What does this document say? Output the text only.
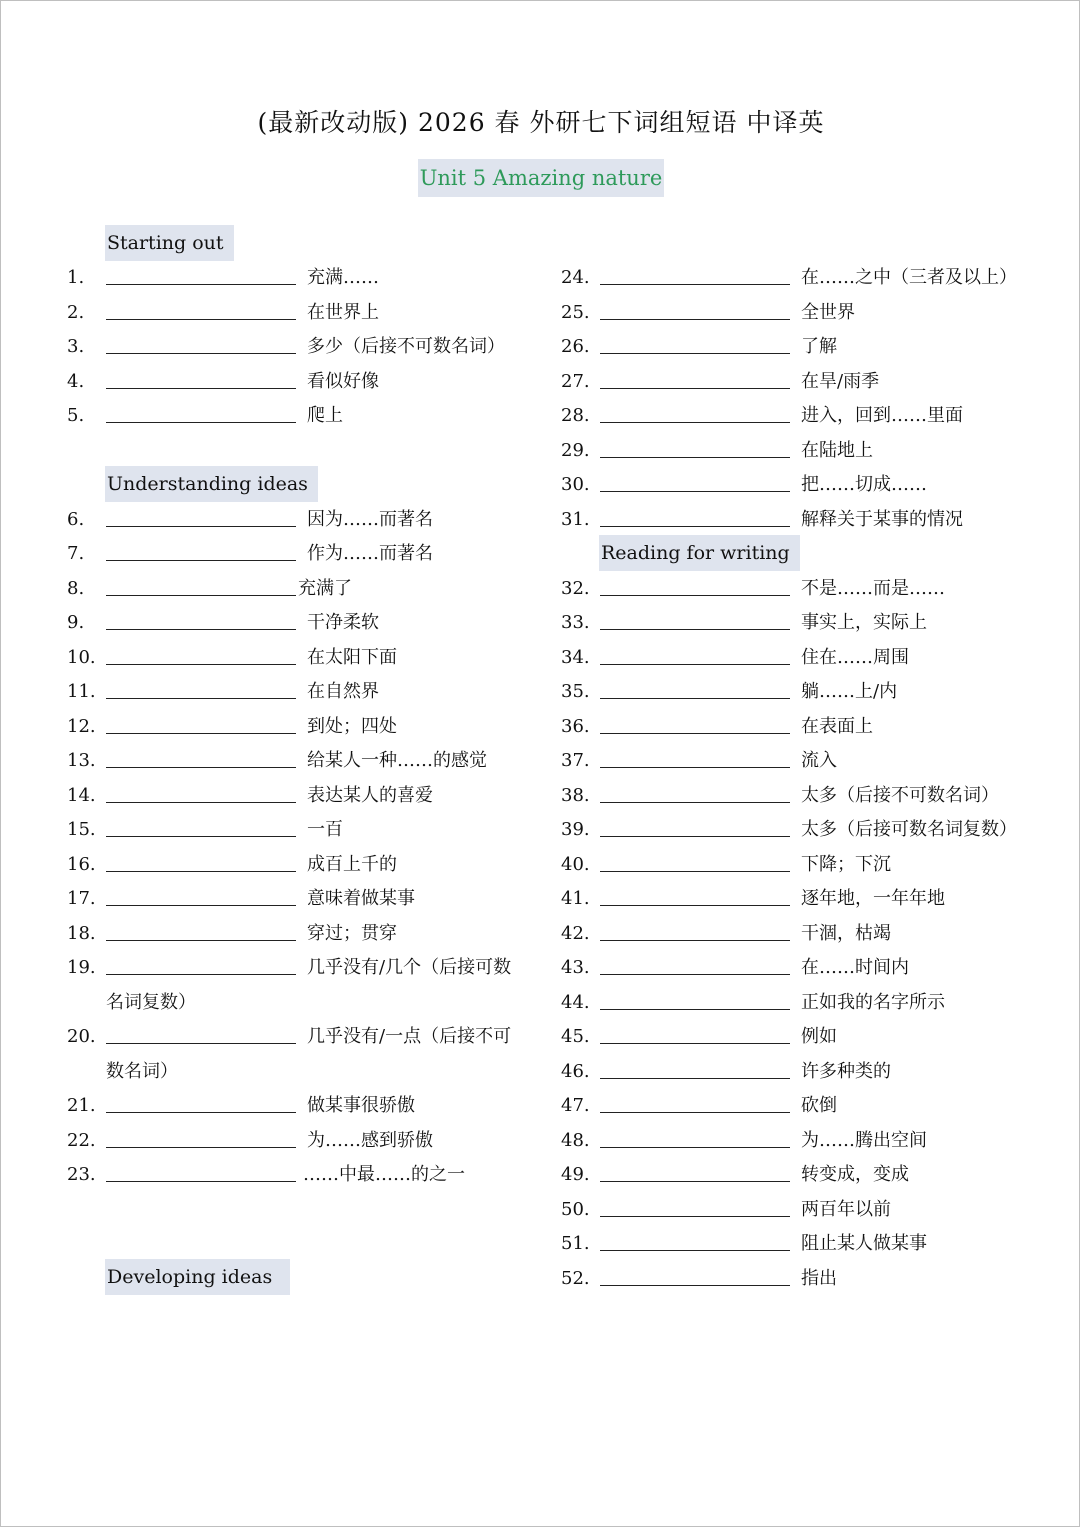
(最新改动版) 2026 春 外研七下词组短语 中译英
Unit 5 Amazing nature
Starting out
Understanding ideas
Developing ideas
Reading for writing
1.	充满……
2.	在世界上
3.	多少（后接不可数名词）
4.	看似好像
5.	爬上
6.	因为……而著名
7.	作为……而著名
8.	充满了
9.	干净柔软
10.	在太阳下面
11.	在自然界
12.	到处；四处
13.	给某人一种……的感觉
14.	表达某人的喜爱
15.	一百
16.	成百上千的
17.	意味着做某事
18.	穿过；贯穿
19.	几乎没有/几个（后接可数
名词复数）
20.	几乎没有/一点（后接不可
数名词）
21.	做某事很骄傲
22.	为……感到骄傲
23.	……中最……的之一
24.	在……之中（三者及以上）
25.	全世界
26.	了解
27.	在旱/雨季
28.	进入，回到……里面
29.	在陆地上
30.	把……切成……
31.	解释关于某事的情况
32.	不是……而是……
33.	事实上，实际上
34.	住在……周围
35.	躺……上/内
36.	在表面上
37.	流入
38.	太多（后接不可数名词）
39.	太多（后接可数名词复数）
40.	下降；下沉
41.	逐年地，一年年地
42.	干涸，枯竭
43.	在……时间内
44.	正如我的名字所示
45.	例如
46.	许多种类的
47.	砍倒
48.	为……腾出空间
49.	转变成，变成
50.	两百年以前
51.	阻止某人做某事
52.	指出
